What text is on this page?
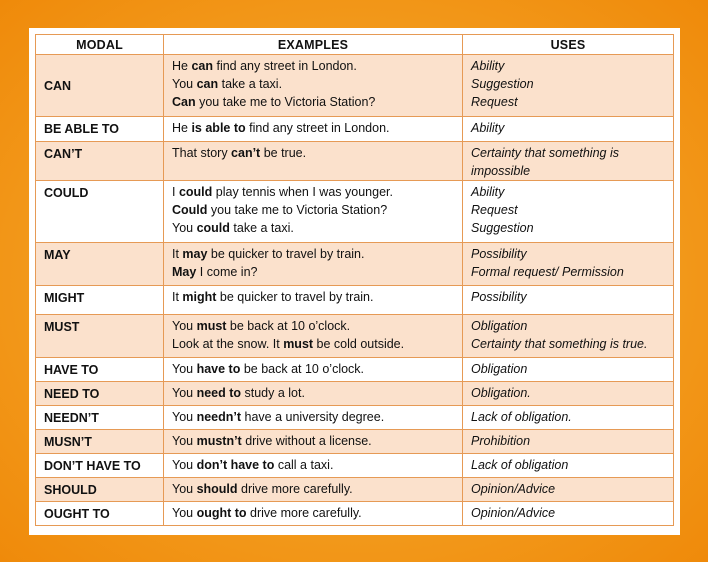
MODAL	EXAMPLES	USES

CAN	He can find any street in London.
You can take a taxi.
Can you take me to Victoria Station?	Ability
Suggestion
Request

BE ABLE TO	He is able to find any street in London.	Ability

CAN’T	That story can’t be true.	Certainty that something is
impossible

COULD	I could play tennis when I was younger.
Could you take me to Victoria Station?
You could take a taxi.	Ability
Request
Suggestion

MAY	It may be quicker to travel by train.
May I come in?	Possibility
Formal request/ Permission

MIGHT	It might be quicker to travel by train.	Possibility

MUST	You must be back at 10 o’clock.
Look at the snow. It must be cold outside.	Obligation
Certainty that something is true.

HAVE TO	You have to be back at 10 o’clock.	Obligation

NEED TO	You need to study a lot.	Obligation.

NEEDN’T	You needn’t have a university degree.	Lack of obligation.

MUSN’T	You mustn’t drive without a license.	Prohibition

DON’T HAVE TO	You don’t have to call a taxi.	Lack of obligation

SHOULD	You should drive more carefully.	Opinion/Advice

OUGHT TO	You ought to drive more carefully.	Opinion/Advice
